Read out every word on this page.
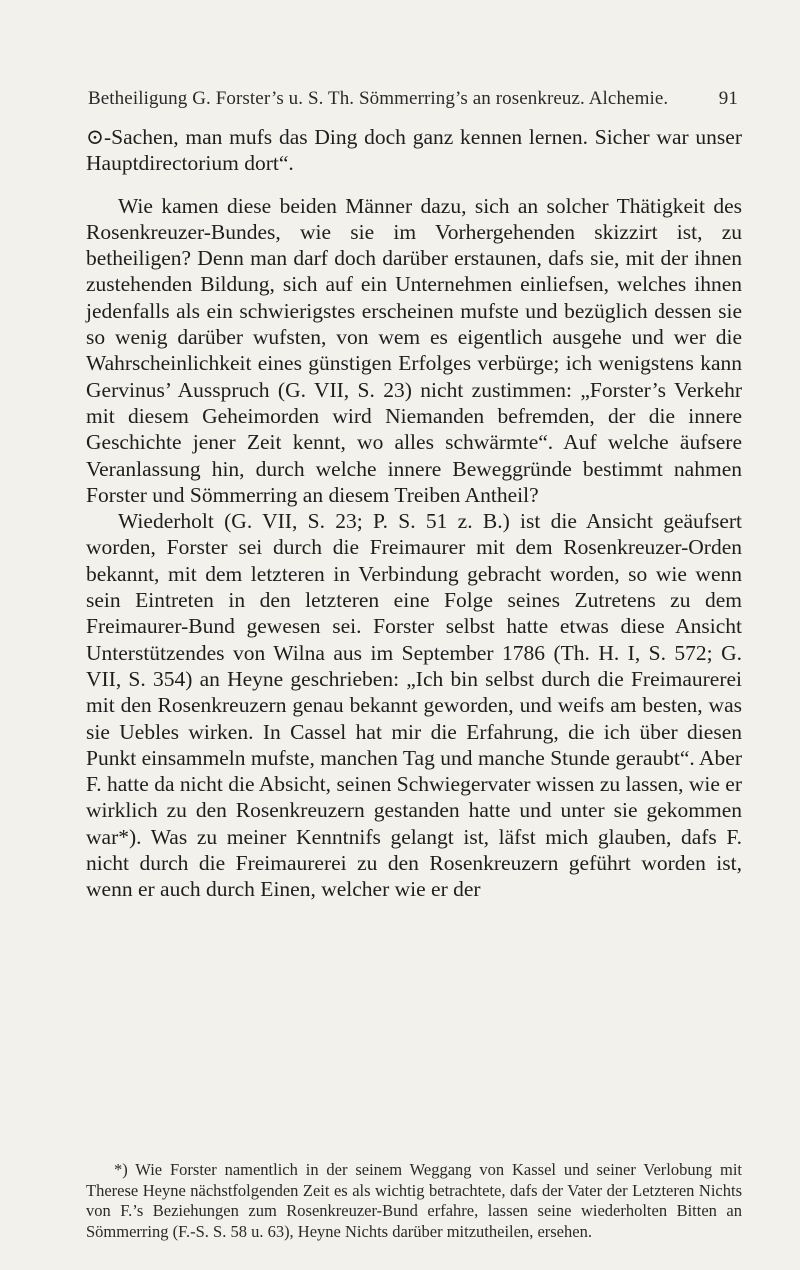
Betheiligung G. Forster’s u. S. Th. Sömmerring’s an rosenkreuz. Alchemie.	91

⊙-Sachen, man mufs das Ding doch ganz kennen lernen. Sicher war unser Hauptdirectorium dort“.

Wie kamen diese beiden Männer dazu, sich an solcher Thätigkeit des Rosenkreuzer-Bundes, wie sie im Vorhergehenden skizzirt ist, zu betheiligen? Denn man darf doch darüber erstaunen, dafs sie, mit der ihnen zustehenden Bildung, sich auf ein Unternehmen einliefsen, welches ihnen jedenfalls als ein schwierigstes erscheinen mufste und bezüglich dessen sie so wenig darüber wufsten, von wem es eigentlich ausgehe und wer die Wahrscheinlichkeit eines günstigen Erfolges verbürge; ich wenigstens kann Gervinus’ Ausspruch (G. VII, S. 23) nicht zustimmen: „Forster’s Verkehr mit diesem Geheimorden wird Niemanden befremden, der die innere Geschichte jener Zeit kennt, wo alles schwärmte“. Auf welche äufsere Veranlassung hin, durch welche innere Beweggründe bestimmt nahmen Forster und Sömmerring an diesem Treiben Antheil?

Wiederholt (G. VII, S. 23; P. S. 51 z. B.) ist die Ansicht geäufsert worden, Forster sei durch die Freimaurer mit dem Rosenkreuzer-Orden bekannt, mit dem letzteren in Verbindung gebracht worden, so wie wenn sein Eintreten in den letzteren eine Folge seines Zutretens zu dem Freimaurer-Bund gewesen sei. Forster selbst hatte etwas diese Ansicht Unterstützendes von Wilna aus im September 1786 (Th. H. I, S. 572; G. VII, S. 354) an Heyne geschrieben: „Ich bin selbst durch die Freimaurerei mit den Rosenkreuzern genau bekannt geworden, und weifs am besten, was sie Uebles wirken. In Cassel hat mir die Erfahrung, die ich über diesen Punkt einsammeln mufste, manchen Tag und manche Stunde geraubt“. Aber F. hatte da nicht die Absicht, seinen Schwiegervater wissen zu lassen, wie er wirklich zu den Rosenkreuzern gestanden hatte und unter sie gekommen war*). Was zu meiner Kenntnifs gelangt ist, läfst mich glauben, dafs F. nicht durch die Freimaurerei zu den Rosenkreuzern geführt worden ist, wenn er auch durch Einen, welcher wie er der

*) Wie Forster namentlich in der seinem Weggang von Kassel und seiner Verlobung mit Therese Heyne nächstfolgenden Zeit es als wichtig betrachtete, dafs der Vater der Letzteren Nichts von F.’s Beziehungen zum Rosenkreuzer-Bund erfahre, lassen seine wiederholten Bitten an Sömmerring (F.-S. S. 58 u. 63), Heyne Nichts darüber mitzutheilen, ersehen.
